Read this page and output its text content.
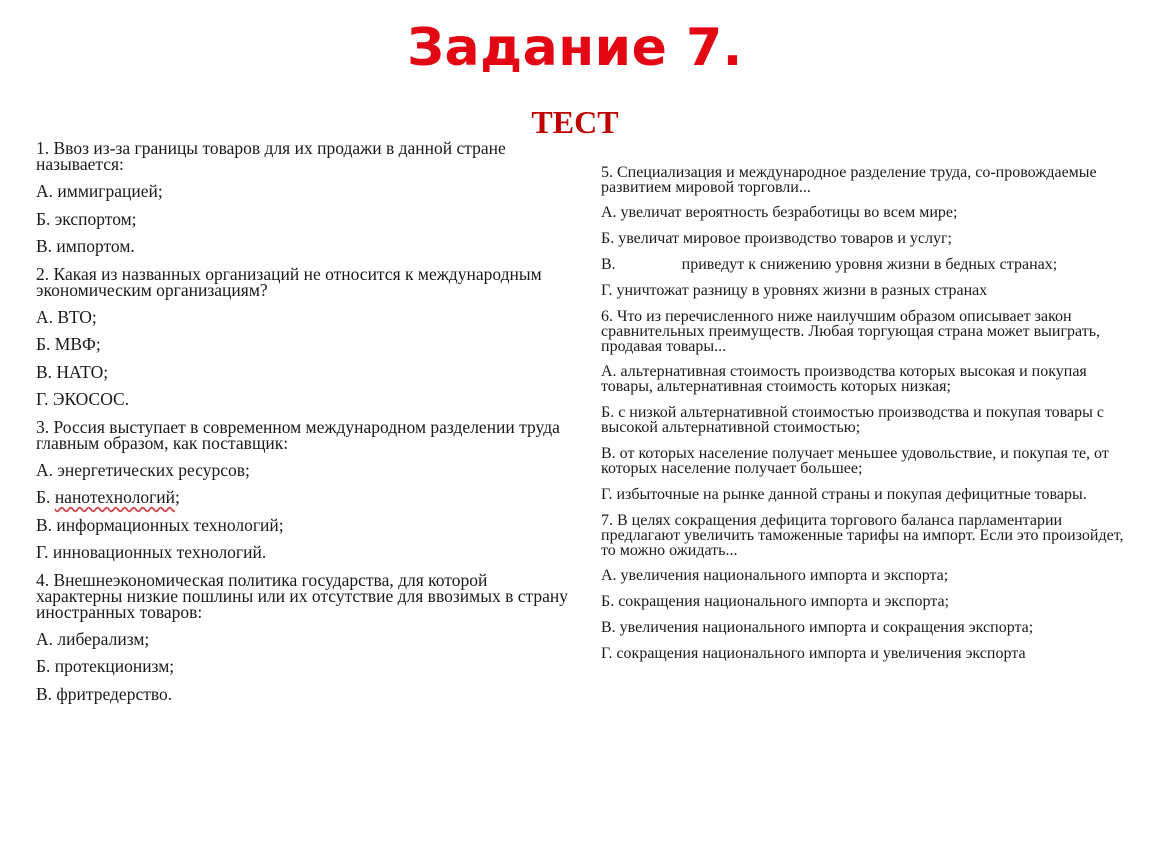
Задание 7.
ТЕСТ
1. Ввоз из-за границы товаров для их продажи в данной стране называется:
А. иммиграцией;
Б. экспортом;
В. импортом.
2. Какая из названных организаций не относится к международным экономическим организациям?
А. ВТО;
Б. МВФ;
В. НАТО;
Г. ЭКОСОС.
3. Россия выступает в современном международном разделении труда главным образом, как поставщик:
А. энергетических ресурсов;
Б. нанотехнологий;
В. информационных технологий;
Г. инновационных технологий.
4. Внешнеэкономическая политика государства, для которой характерны низкие пошлины или их отсутствие для ввозимых в страну иностранных товаров:
А. либерализм;
Б. протекционизм;
В. фритредерство.
5. Специализация и международное разделение труда, со-провождаемые развитием мировой торговли...
А. увеличат вероятность безработицы во всем мире;
Б. увеличат мировое производство товаров и услуг;
В.	приведут к снижению уровня жизни в бедных странах;
Г. уничтожат разницу в уровнях жизни в разных странах
6. Что из перечисленного ниже наилучшим образом описывает закон сравнительных преимуществ. Любая торгующая страна может выиграть, продавая товары...
А. альтернативная стоимость производства которых высокая и покупая товары, альтернативная стоимость которых низкая;
Б. с низкой альтернативной стоимостью производства и покупая товары с высокой альтернативной стоимостью;
В. от которых население получает меньшее удовольствие, и покупая те, от которых население получает большее;
Г. избыточные на рынке данной страны и покупая дефицитные товары.
7. В целях сокращения дефицита торгового баланса парламентарии предлагают увеличить таможенные тарифы на импорт. Если это произойдет, то можно ожидать...
А. увеличения национального импорта и экспорта;
Б. сокращения национального импорта и экспорта;
В. увеличения национального импорта и сокращения экспорта;
Г. сокращения национального импорта и увеличения экспорта
